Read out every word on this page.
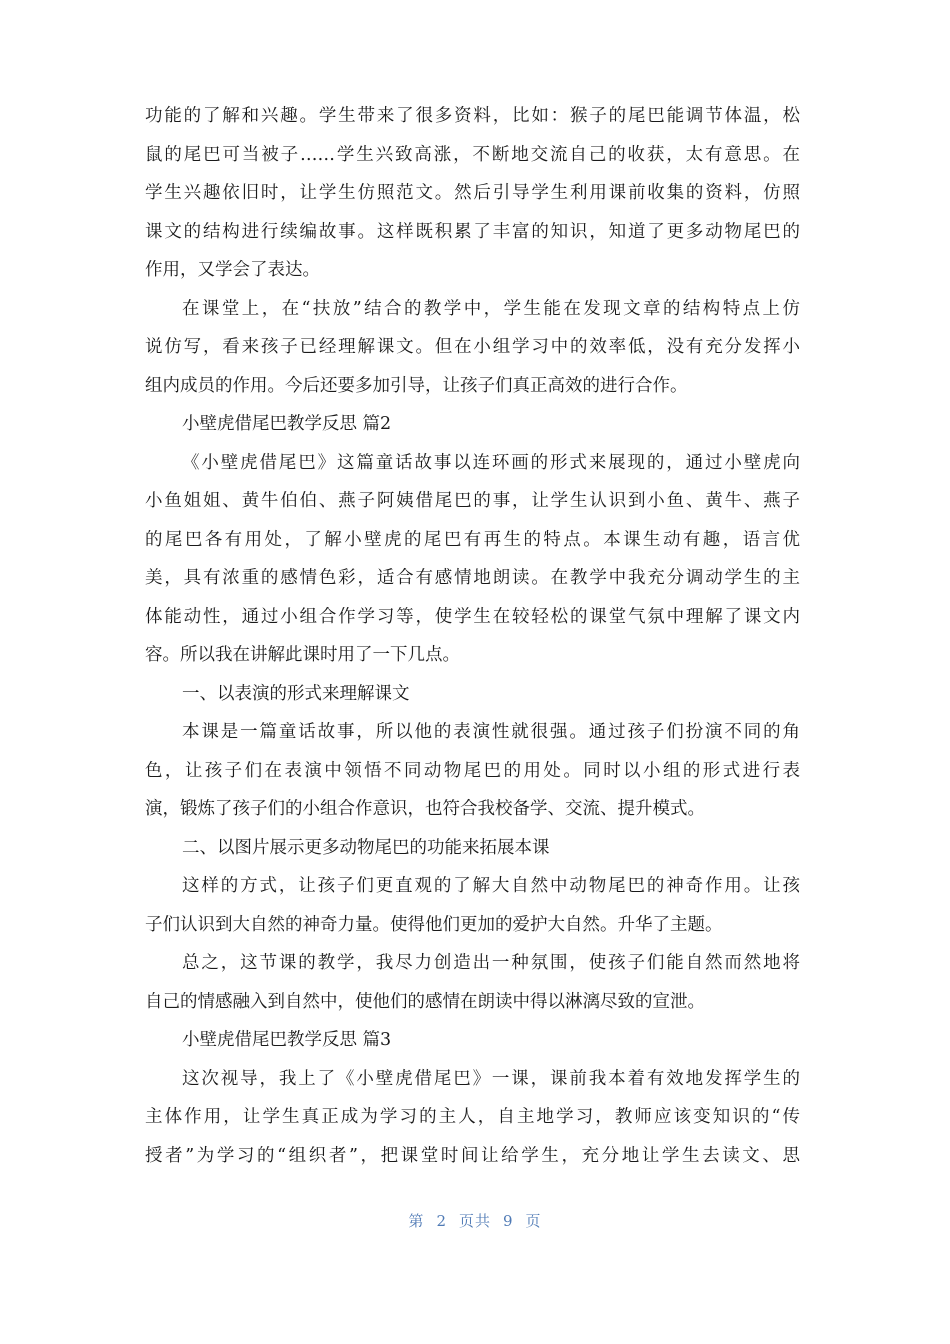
功能的了解和兴趣。学生带来了很多资料，比如：猴子的尾巴能调节体温，松
鼠的尾巴可当被子……学生兴致高涨，不断地交流自己的收获，太有意思。在
学生兴趣依旧时，让学生仿照范文。然后引导学生利用课前收集的资料，仿照
课文的结构进行续编故事。这样既积累了丰富的知识，知道了更多动物尾巴的
作用，又学会了表达。
在课堂上，在“扶放”结合的教学中，学生能在发现文章的结构特点上仿
说仿写，看来孩子已经理解课文。但在小组学习中的效率低，没有充分发挥小
组内成员的作用。今后还要多加引导，让孩子们真正高效的进行合作。
小壁虎借尾巴教学反思 篇2
《小壁虎借尾巴》这篇童话故事以连环画的形式来展现的，通过小壁虎向
小鱼姐姐、黄牛伯伯、燕子阿姨借尾巴的事，让学生认识到小鱼、黄牛、燕子
的尾巴各有用处，了解小壁虎的尾巴有再生的特点。本课生动有趣，语言优
美，具有浓重的感情色彩，适合有感情地朗读。在教学中我充分调动学生的主
体能动性，通过小组合作学习等，使学生在较轻松的课堂气氛中理解了课文内
容。所以我在讲解此课时用了一下几点。
一、以表演的形式来理解课文
本课是一篇童话故事，所以他的表演性就很强。通过孩子们扮演不同的角
色，让孩子们在表演中领悟不同动物尾巴的用处。同时以小组的形式进行表
演，锻炼了孩子们的小组合作意识，也符合我校备学、交流、提升模式。
二、以图片展示更多动物尾巴的功能来拓展本课
这样的方式，让孩子们更直观的了解大自然中动物尾巴的神奇作用。让孩
子们认识到大自然的神奇力量。使得他们更加的爱护大自然。升华了主题。
总之，这节课的教学，我尽力创造出一种氛围，使孩子们能自然而然地将
自己的情感融入到自然中，使他们的感情在朗读中得以淋漓尽致的宣泄。
小壁虎借尾巴教学反思 篇3
这次视导，我上了《小壁虎借尾巴》一课，课前我本着有效地发挥学生的
主体作用，让学生真正成为学习的主人，自主地学习，教师应该变知识的“传
授者”为学习的“组织者”，把课堂时间让给学生，充分地让学生去读文、思
第 2 页共 9 页
